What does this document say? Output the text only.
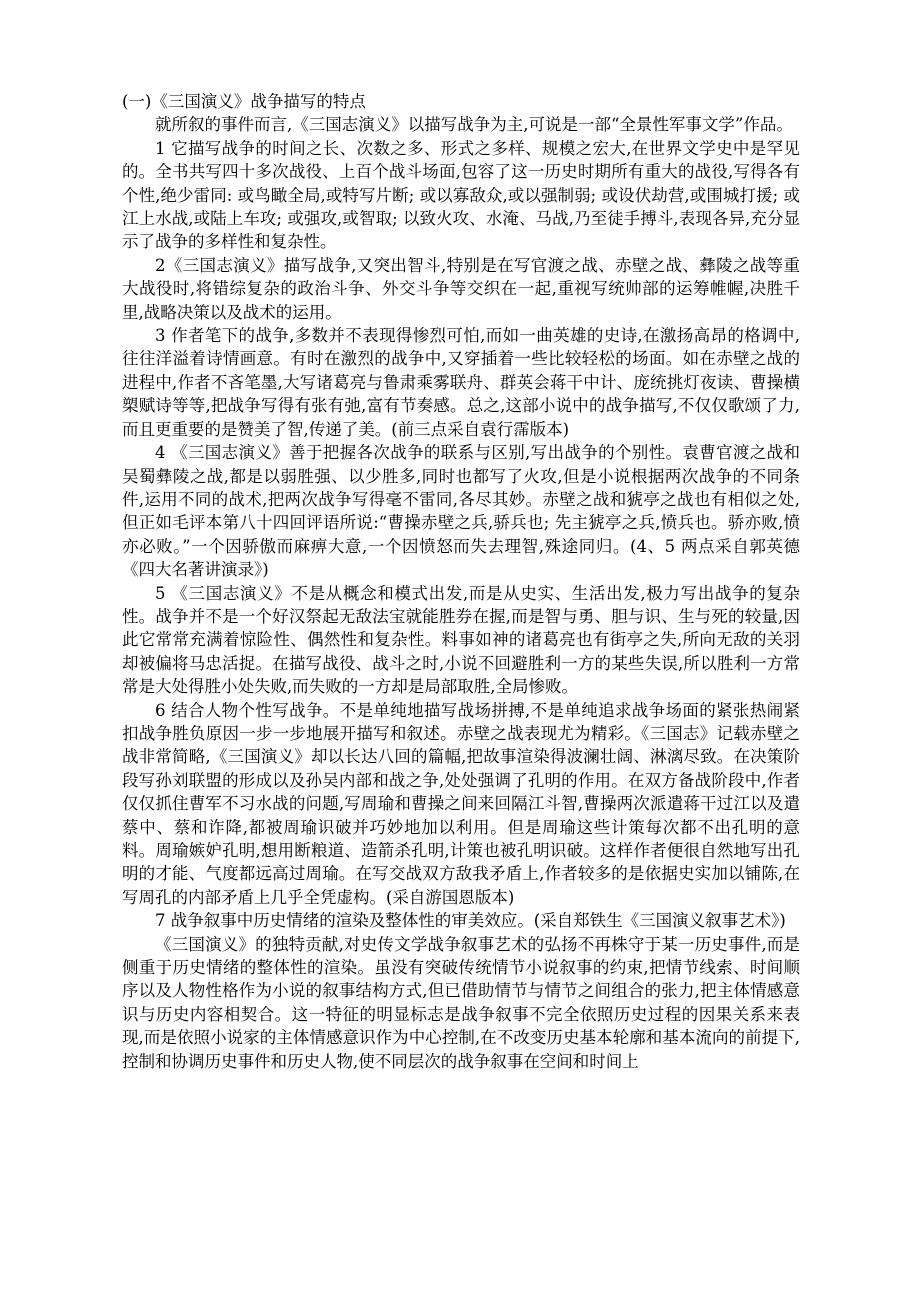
(一)《三国演义》战争描写的特点

就所叙的事件而言,《三国志演义》以描写战争为主,可说是一部“全景性军事文学”作品。

1 它描写战争的时间之长、次数之多、形式之多样、规模之宏大,在世界文学史中是罕见的。全书共写四十多次战役、上百个战斗场面,包容了这一历史时期所有重大的战役,写得各有个性,绝少雷同: 或鸟瞰全局,或特写片断; 或以寡敌众,或以强制弱; 或设伏劫营,或围城打援; 或江上水战,或陆上车攻; 或强攻,或智取; 以致火攻、水淹、马战,乃至徒手搏斗,表现各异,充分显示了战争的多样性和复杂性。

2《三国志演义》描写战争,又突出智斗,特别是在写官渡之战、赤壁之战、彝陵之战等重大战役时,将错综复杂的政治斗争、外交斗争等交织在一起,重视写统帅部的运筹帷幄,决胜千里,战略决策以及战术的运用。

3 作者笔下的战争,多数并不表现得惨烈可怕,而如一曲英雄的史诗,在激扬高昂的格调中,往往洋溢着诗情画意。有时在激烈的战争中,又穿插着一些比较轻松的场面。如在赤壁之战的进程中,作者不吝笔墨,大写诸葛亮与鲁肃乘雾联舟、群英会蒋干中计、庞统挑灯夜读、曹操横槊赋诗等等,把战争写得有张有弛,富有节奏感。总之,这部小说中的战争描写,不仅仅歌颂了力,而且更重要的是赞美了智,传递了美。(前三点采自袁行霈版本)

4 《三国志演义》善于把握各次战争的联系与区别,写出战争的个别性。袁曹官渡之战和吴蜀彝陵之战,都是以弱胜强、以少胜多,同时也都写了火攻,但是小说根据两次战争的不同条件,运用不同的战术,把两次战争写得毫不雷同,各尽其妙。赤壁之战和猇亭之战也有相似之处,但正如毛评本第八十四回评语所说:“曹操赤壁之兵,骄兵也; 先主猇亭之兵,愤兵也。骄亦败,愤亦必败。”一个因骄傲而麻痹大意,一个因愤怒而失去理智,殊途同归。(4、5 两点采自郭英德《四大名著讲演录》)

5 《三国志演义》不是从概念和模式出发,而是从史实、生活出发,极力写出战争的复杂性。战争并不是一个好汉祭起无敌法宝就能胜券在握,而是智与勇、胆与识、生与死的较量,因此它常常充满着惊险性、偶然性和复杂性。料事如神的诸葛亮也有街亭之失,所向无敌的关羽却被偏将马忠活捉。在描写战役、战斗之时,小说不回避胜利一方的某些失误,所以胜利一方常常是大处得胜小处失败,而失败的一方却是局部取胜,全局惨败。

6 结合人物个性写战争。不是单纯地描写战场拼搏,不是单纯追求战争场面的紧张热闹紧扣战争胜负原因一步一步地展开描写和叙述。赤壁之战表现尤为精彩。《三国志》记载赤壁之战非常简略,《三国演义》却以长达八回的篇幅,把故事渲染得波澜壮阔、淋漓尽致。在决策阶段写孙刘联盟的形成以及孙吴内部和战之争,处处强调了孔明的作用。在双方备战阶段中,作者仅仅抓住曹军不习水战的问题,写周瑜和曹操之间来回隔江斗智,曹操两次派遣蒋干过江以及遣蔡中、蔡和诈降,都被周瑜识破并巧妙地加以利用。但是周瑜这些计策每次都不出孔明的意料。周瑜嫉妒孔明,想用断粮道、造箭杀孔明,计策也被孔明识破。这样作者便很自然地写出孔明的才能、气度都远高过周瑜。在写交战双方敌我矛盾上,作者较多的是依据史实加以铺陈,在写周孔的内部矛盾上几乎全凭虚构。(采自游国恩版本)

7 战争叙事中历史情绪的渲染及整体性的审美效应。(采自郑铁生《三国演义叙事艺术》)

《三国演义》的独特贡献,对史传文学战争叙事艺术的弘扬不再株守于某一历史事件,而是侧重于历史情绪的整体性的渲染。虽没有突破传统情节小说叙事的约束,把情节线索、时间顺序以及人物性格作为小说的叙事结构方式,但已借助情节与情节之间组合的张力,把主体情感意识与历史内容相契合。这一特征的明显标志是战争叙事不完全依照历史过程的因果关系来表现,而是依照小说家的主体情感意识作为中心控制,在不改变历史基本轮廓和基本流向的前提下,控制和协调历史事件和历史人物,使不同层次的战争叙事在空间和时间上
